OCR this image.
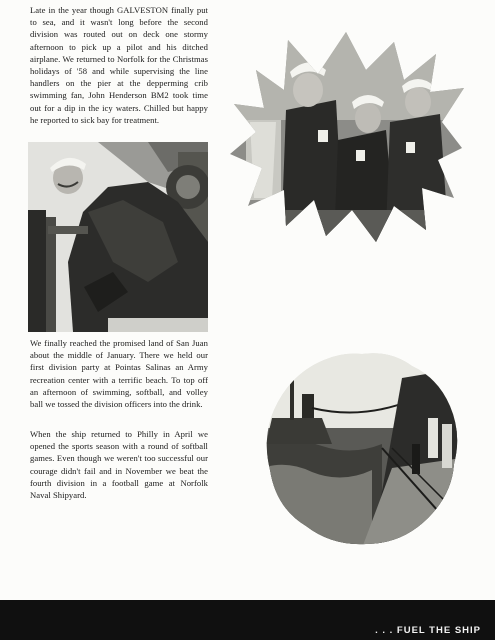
Late in the year though GALVESTON finally put to sea, and it wasn't long before the second division was routed out on deck one stormy afternoon to pick up a pilot and his ditched airplane. We returned to Norfolk for the Christmas holidays of '58 and while supervising the line handlers on the pier at the depperming crib swimming fan, John Henderson BM2 took time out for a dip in the icy waters. Chilled but happy he reported to sick bay for treatment.

We finally reached the promised land of San Juan about the middle of January. There we held our first division party at Pointas Salinas an Army recreation center with a terrific beach. To top off an afternoon of swimming, softball, and volley ball we tossed the division officers into the drink.

When the ship returned to Philly in April we opened the sports season with a round of softball games. Even though we weren't too successful our courage didn't fail and in November we beat the fourth division in a football game at Norfolk Naval Shipyard.

. . . FUEL THE SHIP
